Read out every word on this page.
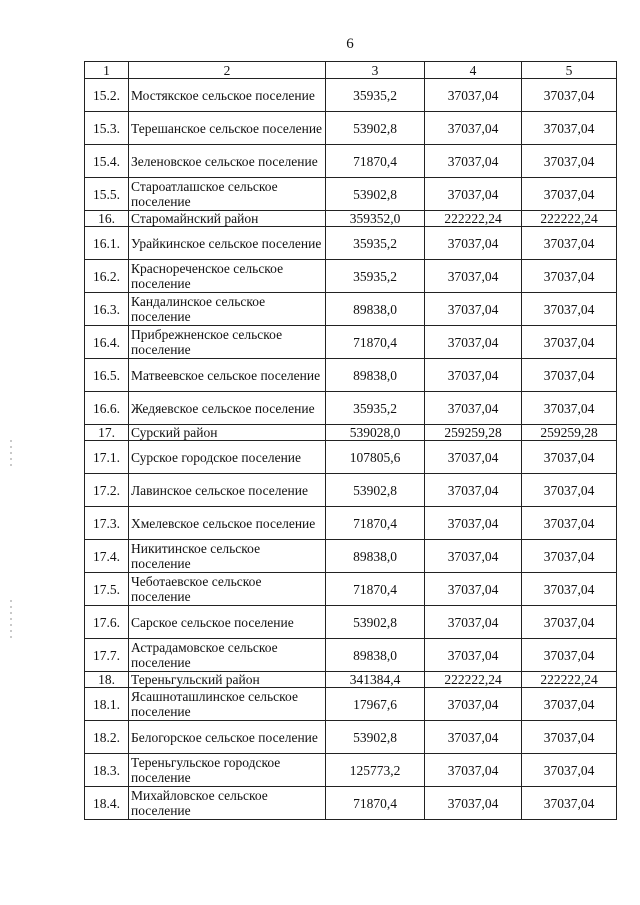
6
1	2	3	4	5
15.2.	Мостякское сельское поселение	35935,2	37037,04	37037,04
15.3.	Терешанское сельское поселение	53902,8	37037,04	37037,04
15.4.	Зеленовское сельское поселение	71870,4	37037,04	37037,04
15.5.	Староатлашское сельское поселение	53902,8	37037,04	37037,04
16.	Старомайнский район	359352,0	222222,24	222222,24
16.1.	Урайкинское сельское поселение	35935,2	37037,04	37037,04
16.2.	Краснореченское сельское поселение	35935,2	37037,04	37037,04
16.3.	Кандалинское сельское поселение	89838,0	37037,04	37037,04
16.4.	Прибрежненское сельское поселение	71870,4	37037,04	37037,04
16.5.	Матвеевское сельское поселение	89838,0	37037,04	37037,04
16.6.	Жедяевское сельское поселение	35935,2	37037,04	37037,04
17.	Сурский район	539028,0	259259,28	259259,28
17.1.	Сурское городское поселение	107805,6	37037,04	37037,04
17.2.	Лавинское сельское поселение	53902,8	37037,04	37037,04
17.3.	Хмелевское сельское поселение	71870,4	37037,04	37037,04
17.4.	Никитинское сельское поселение	89838,0	37037,04	37037,04
17.5.	Чеботаевское сельское поселение	71870,4	37037,04	37037,04
17.6.	Сарское сельское поселение	53902,8	37037,04	37037,04
17.7.	Астрадамовское сельское поселение	89838,0	37037,04	37037,04
18.	Тереньгульский район	341384,4	222222,24	222222,24
18.1.	Ясашноташлинское сельское поселение	17967,6	37037,04	37037,04
18.2.	Белогорское сельское поселение	53902,8	37037,04	37037,04
18.3.	Тереньгульское городское поселение	125773,2	37037,04	37037,04
18.4.	Михайловское сельское поселение	71870,4	37037,04	37037,04
